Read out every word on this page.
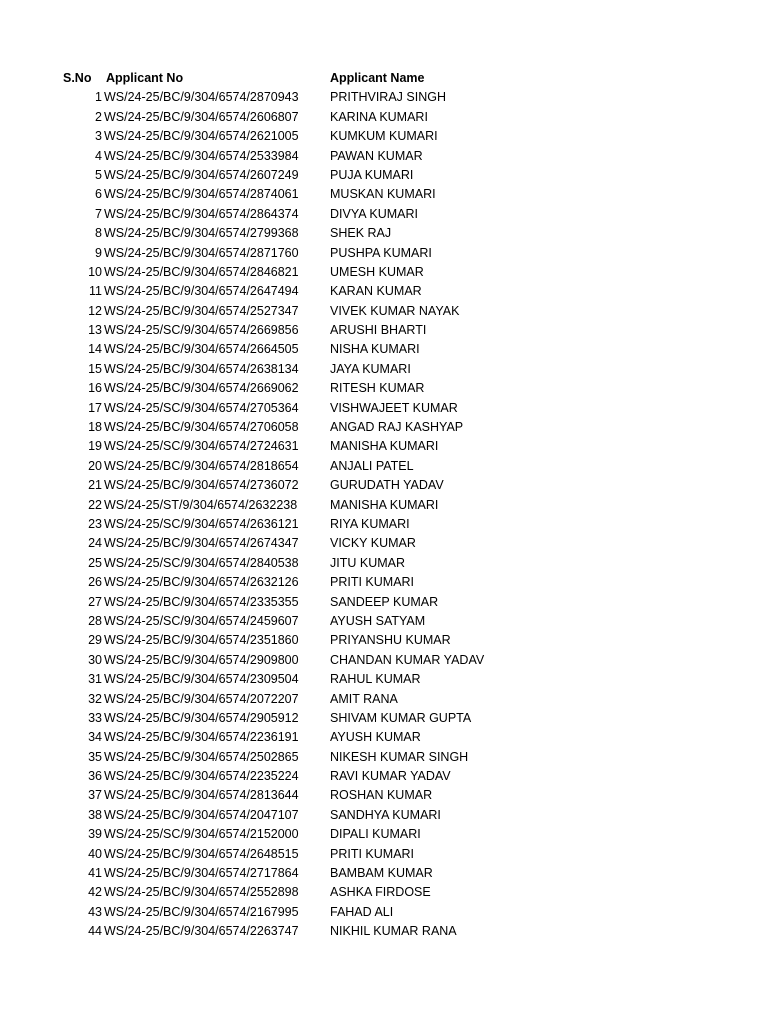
S.No	Applicant No	Applicant Name
1 WS/24-25/BC/9/304/6574/2870943	PRITHVIRAJ SINGH
2 WS/24-25/BC/9/304/6574/2606807	KARINA KUMARI
3 WS/24-25/BC/9/304/6574/2621005	KUMKUM KUMARI
4 WS/24-25/BC/9/304/6574/2533984	PAWAN KUMAR
5 WS/24-25/BC/9/304/6574/2607249	PUJA KUMARI
6 WS/24-25/BC/9/304/6574/2874061	MUSKAN KUMARI
7 WS/24-25/BC/9/304/6574/2864374	DIVYA KUMARI
8 WS/24-25/BC/9/304/6574/2799368	SHEK RAJ
9 WS/24-25/BC/9/304/6574/2871760	PUSHPA KUMARI
10 WS/24-25/BC/9/304/6574/2846821	UMESH KUMAR
11 WS/24-25/BC/9/304/6574/2647494	KARAN KUMAR
12 WS/24-25/BC/9/304/6574/2527347	VIVEK KUMAR NAYAK
13 WS/24-25/SC/9/304/6574/2669856	ARUSHI BHARTI
14 WS/24-25/BC/9/304/6574/2664505	NISHA KUMARI
15 WS/24-25/BC/9/304/6574/2638134	JAYA KUMARI
16 WS/24-25/BC/9/304/6574/2669062	RITESH KUMAR
17 WS/24-25/SC/9/304/6574/2705364	VISHWAJEET KUMAR
18 WS/24-25/BC/9/304/6574/2706058	ANGAD RAJ KASHYAP
19 WS/24-25/SC/9/304/6574/2724631	MANISHA KUMARI
20 WS/24-25/BC/9/304/6574/2818654	ANJALI PATEL
21 WS/24-25/BC/9/304/6574/2736072	GURUDATH YADAV
22 WS/24-25/ST/9/304/6574/2632238	MANISHA KUMARI
23 WS/24-25/SC/9/304/6574/2636121	RIYA KUMARI
24 WS/24-25/BC/9/304/6574/2674347	VICKY KUMAR
25 WS/24-25/SC/9/304/6574/2840538	JITU KUMAR
26 WS/24-25/BC/9/304/6574/2632126	PRITI KUMARI
27 WS/24-25/BC/9/304/6574/2335355	SANDEEP KUMAR
28 WS/24-25/SC/9/304/6574/2459607	AYUSH SATYAM
29 WS/24-25/BC/9/304/6574/2351860	PRIYANSHU KUMAR
30 WS/24-25/BC/9/304/6574/2909800	CHANDAN KUMAR YADAV
31 WS/24-25/BC/9/304/6574/2309504	RAHUL KUMAR
32 WS/24-25/BC/9/304/6574/2072207	AMIT RANA
33 WS/24-25/BC/9/304/6574/2905912	SHIVAM KUMAR GUPTA
34 WS/24-25/BC/9/304/6574/2236191	AYUSH KUMAR
35 WS/24-25/BC/9/304/6574/2502865	NIKESH KUMAR SINGH
36 WS/24-25/BC/9/304/6574/2235224	RAVI KUMAR YADAV
37 WS/24-25/BC/9/304/6574/2813644	ROSHAN KUMAR
38 WS/24-25/BC/9/304/6574/2047107	SANDHYA KUMARI
39 WS/24-25/SC/9/304/6574/2152000	DIPALI KUMARI
40 WS/24-25/BC/9/304/6574/2648515	PRITI KUMARI
41 WS/24-25/BC/9/304/6574/2717864	BAMBAM KUMAR
42 WS/24-25/BC/9/304/6574/2552898	ASHKA FIRDOSE
43 WS/24-25/BC/9/304/6574/2167995	FAHAD ALI
44 WS/24-25/BC/9/304/6574/2263747	NIKHIL KUMAR RANA
